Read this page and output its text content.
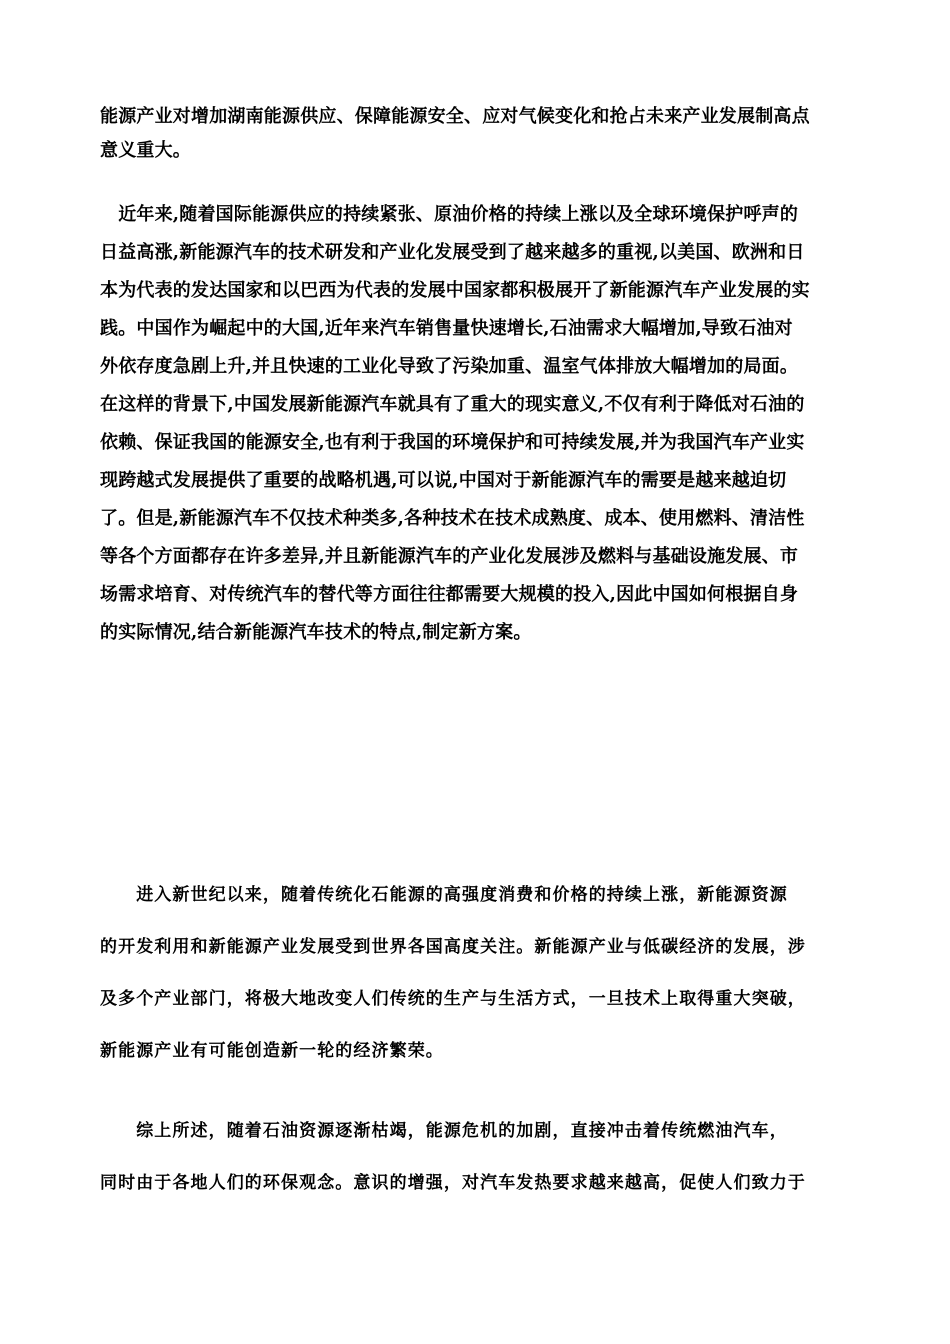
能源产业对增加湖南能源供应、保障能源安全、应对气候变化和抢占未来产业发展制高点
意义重大。
　近年来,随着国际能源供应的持续紧张、原油价格的持续上涨以及全球环境保护呼声的
日益高涨,新能源汽车的技术研发和产业化发展受到了越来越多的重视,以美国、欧洲和日
本为代表的发达国家和以巴西为代表的发展中国家都积极展开了新能源汽车产业发展的实
践。中国作为崛起中的大国,近年来汽车销售量快速增长,石油需求大幅增加,导致石油对
外依存度急剧上升,并且快速的工业化导致了污染加重、温室气体排放大幅增加的局面。
在这样的背景下,中国发展新能源汽车就具有了重大的现实意义,不仅有利于降低对石油的
依赖、保证我国的能源安全,也有利于我国的环境保护和可持续发展,并为我国汽车产业实
现跨越式发展提供了重要的战略机遇,可以说,中国对于新能源汽车的需要是越来越迫切
了。但是,新能源汽车不仅技术种类多,各种技术在技术成熟度、成本、使用燃料、清洁性
等各个方面都存在许多差异,并且新能源汽车的产业化发展涉及燃料与基础设施发展、市
场需求培育、对传统汽车的替代等方面往往都需要大规模的投入,因此中国如何根据自身
的实际情况,结合新能源汽车技术的特点,制定新方案。
　　进入新世纪以来，随着传统化石能源的高强度消费和价格的持续上涨，新能源资源
的开发利用和新能源产业发展受到世界各国高度关注。新能源产业与低碳经济的发展，涉
及多个产业部门，将极大地改变人们传统的生产与生活方式，一旦技术上取得重大突破，
新能源产业有可能创造新一轮的经济繁荣。
　　综上所述，随着石油资源逐渐枯竭，能源危机的加剧，直接冲击着传统燃油汽车，
同时由于各地人们的环保观念。意识的增强，对汽车发热要求越来越高，促使人们致力于
